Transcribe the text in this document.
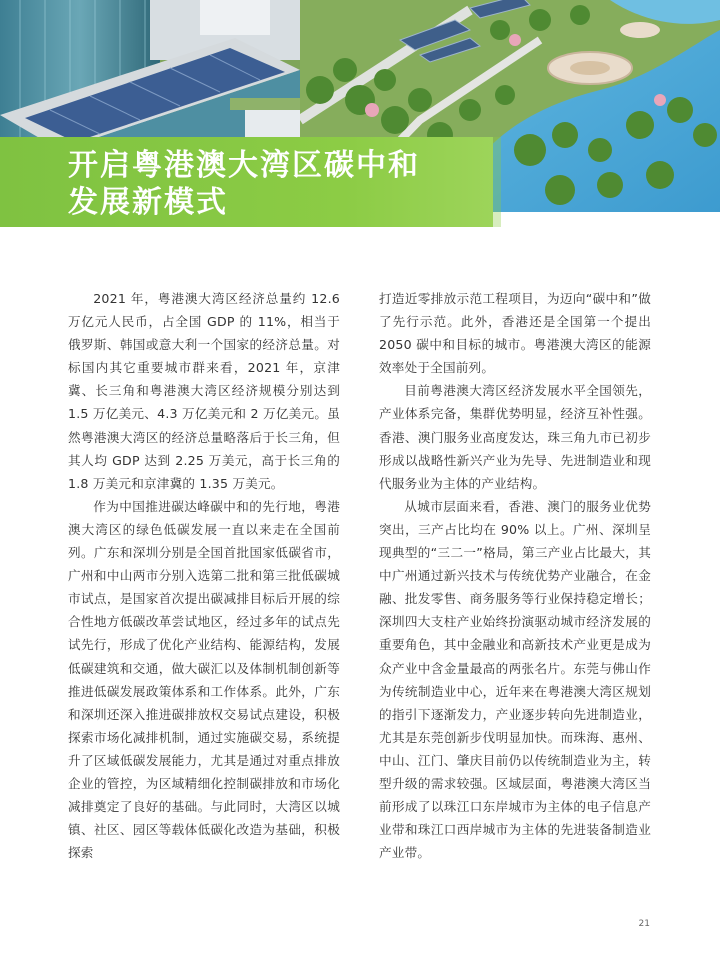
开启粤港澳大湾区碳中和
发展新模式

2021 年，粤港澳大湾区经济总量约 12.6 万亿元人民币，占全国 GDP 的 11%，相当于俄罗斯、韩国或意大利一个国家的经济总量。对标国内其它重要城市群来看，2021 年，京津冀、长三角和粤港澳大湾区经济规模分别达到 1.5 万亿美元、4.3 万亿美元和 2 万亿美元。虽然粤港澳大湾区的经济总量略落后于长三角，但其人均 GDP 达到 2.25 万美元，高于长三角的 1.8 万美元和京津冀的 1.35 万美元。

作为中国推进碳达峰碳中和的先行地，粤港澳大湾区的绿色低碳发展一直以来走在全国前列。广东和深圳分别是全国首批国家低碳省市，广州和中山两市分别入选第二批和第三批低碳城市试点，是国家首次提出碳减排目标后开展的综合性地方低碳改革尝试地区，经过多年的试点先试先行，形成了优化产业结构、能源结构，发展低碳建筑和交通，做大碳汇以及体制机制创新等推进低碳发展政策体系和工作体系。此外，广东和深圳还深入推进碳排放权交易试点建设，积极探索市场化减排机制，通过实施碳交易，系统提升了区域低碳发展能力，尤其是通过对重点排放企业的管控，为区域精细化控制碳排放和市场化减排奠定了良好的基础。与此同时，大湾区以城镇、社区、园区等载体低碳化改造为基础，积极探索

打造近零排放示范工程项目，为迈向“碳中和”做了先行示范。此外，香港还是全国第一个提出 2050 碳中和目标的城市。粤港澳大湾区的能源效率处于全国前列。

目前粤港澳大湾区经济发展水平全国领先，产业体系完备，集群优势明显，经济互补性强。香港、澳门服务业高度发达，珠三角九市已初步形成以战略性新兴产业为先导、先进制造业和现代服务业为主体的产业结构。

从城市层面来看，香港、澳门的服务业优势突出，三产占比均在 90% 以上。广州、深圳呈现典型的“三二一”格局，第三产业占比最大，其中广州通过新兴技术与传统优势产业融合，在金融、批发零售、商务服务等行业保持稳定增长；深圳四大支柱产业始终扮演驱动城市经济发展的重要角色，其中金融业和高新技术产业更是成为众产业中含金量最高的两张名片。东莞与佛山作为传统制造业中心，近年来在粤港澳大湾区规划的指引下逐渐发力，产业逐步转向先进制造业，尤其是东莞创新步伐明显加快。而珠海、惠州、中山、江门、肇庆目前仍以传统制造业为主，转型升级的需求较强。区域层面，粤港澳大湾区当前形成了以珠江口东岸城市为主体的电子信息产业带和珠江口西岸城市为主体的先进装备制造业产业带。

21
